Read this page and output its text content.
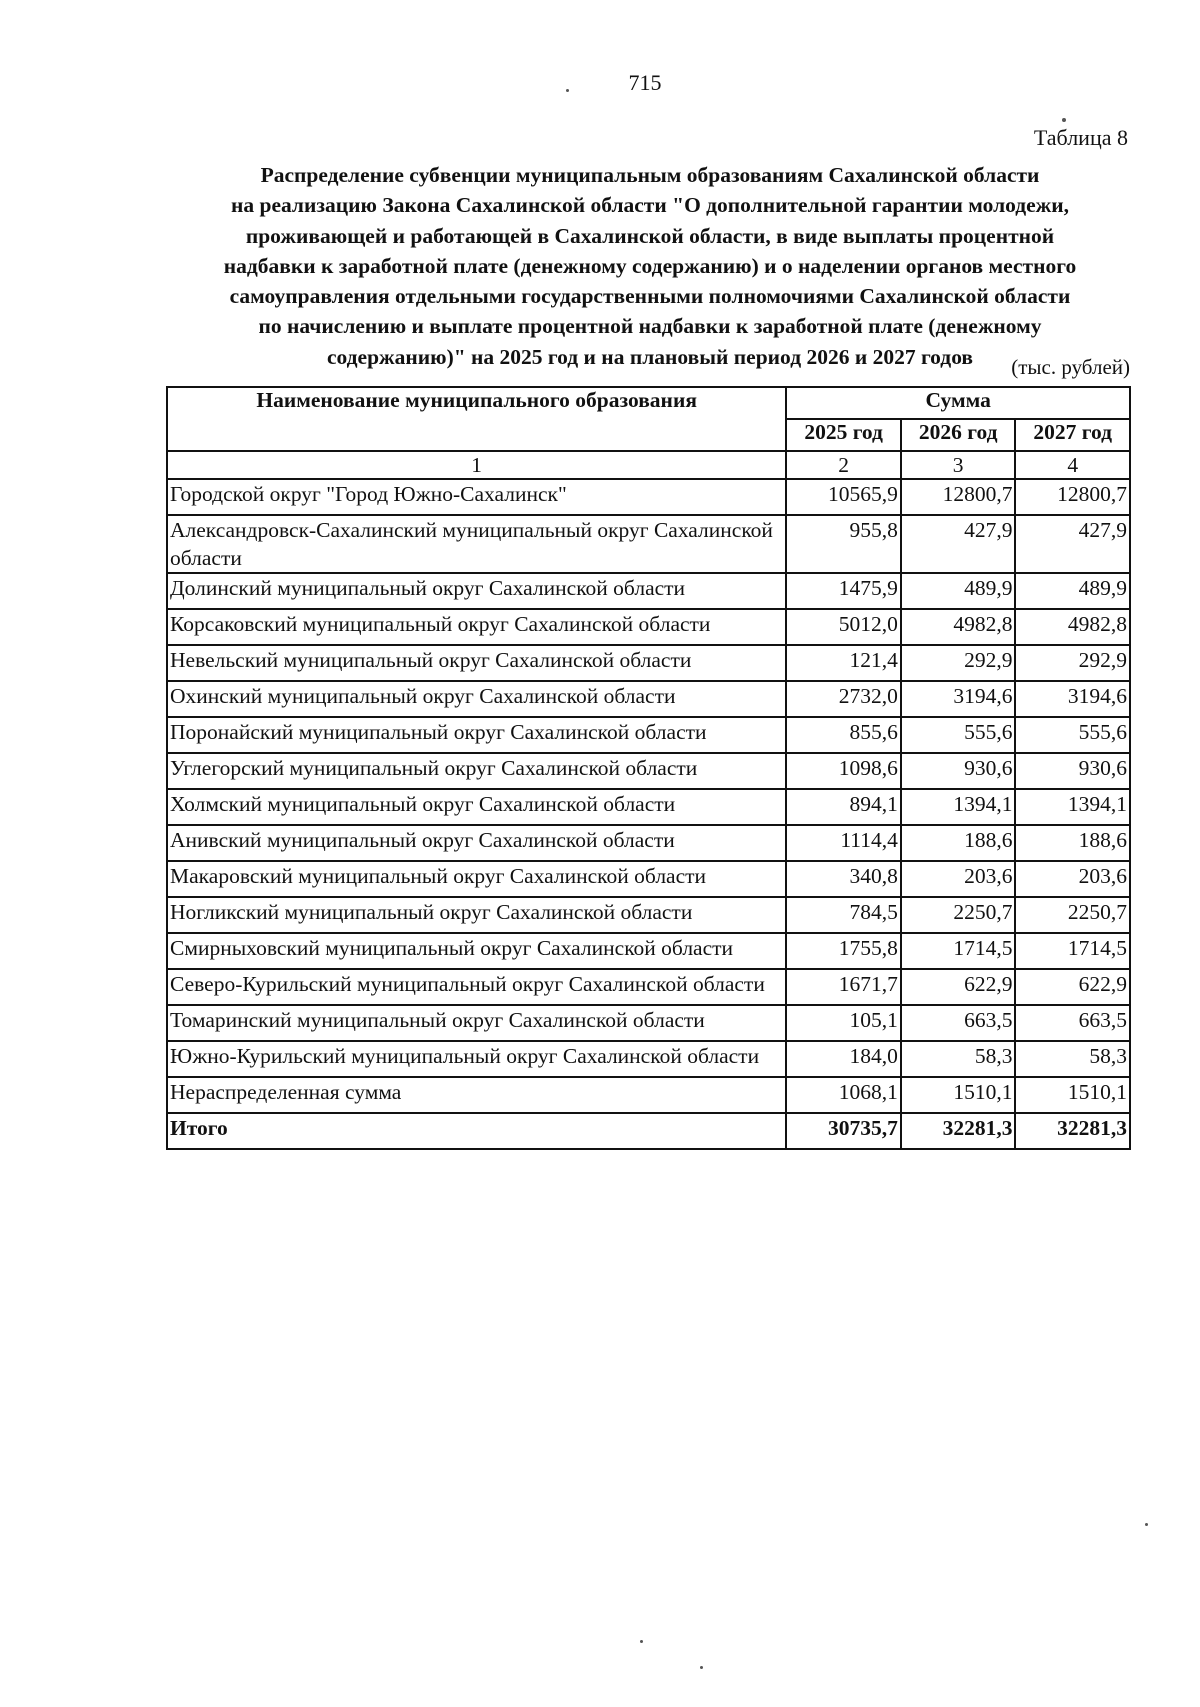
715
Таблица 8
Распределение субвенции муниципальным образованиям Сахалинской области
на реализацию Закона Сахалинской области "О дополнительной гарантии молодежи,
проживающей и работающей в Сахалинской области, в виде выплаты процентной
надбавки к заработной плате (денежному содержанию) и о наделении органов местного
самоуправления отдельными государственными полномочиями Сахалинской области
по начислению и выплате процентной надбавки к заработной плате (денежному
содержанию)" на 2025 год и на плановый период 2026 и 2027 годов	(тыс. рублей)
Наименование муниципального образования	Сумма		
	2025 год	2026 год	2027 год
1	2	3	4
Городской округ "Город Южно-Сахалинск"	10565,9	12800,7	12800,7
Александровск-Сахалинский муниципальный округ Сахалинской области	955,8	427,9	427,9
Долинский муниципальный округ Сахалинской области	1475,9	489,9	489,9
Корсаковский муниципальный округ Сахалинской области	5012,0	4982,8	4982,8
Невельский муниципальный округ Сахалинской области	121,4	292,9	292,9
Охинский муниципальный округ Сахалинской области	2732,0	3194,6	3194,6
Поронайский муниципальный округ Сахалинской области	855,6	555,6	555,6
Углегорский муниципальный округ Сахалинской области	1098,6	930,6	930,6
Холмский муниципальный округ Сахалинской области	894,1	1394,1	1394,1
Анивский муниципальный округ Сахалинской области	1114,4	188,6	188,6
Макаровский муниципальный округ Сахалинской области	340,8	203,6	203,6
Ногликский муниципальный округ Сахалинской области	784,5	2250,7	2250,7
Смирныховский муниципальный округ Сахалинской области	1755,8	1714,5	1714,5
Северо-Курильский муниципальный округ Сахалинской области	1671,7	622,9	622,9
Томаринский муниципальный округ Сахалинской области	105,1	663,5	663,5
Южно-Курильский муниципальный округ Сахалинской области	184,0	58,3	58,3
Нераспределенная сумма	1068,1	1510,1	1510,1
Итого	30735,7	32281,3	32281,3
